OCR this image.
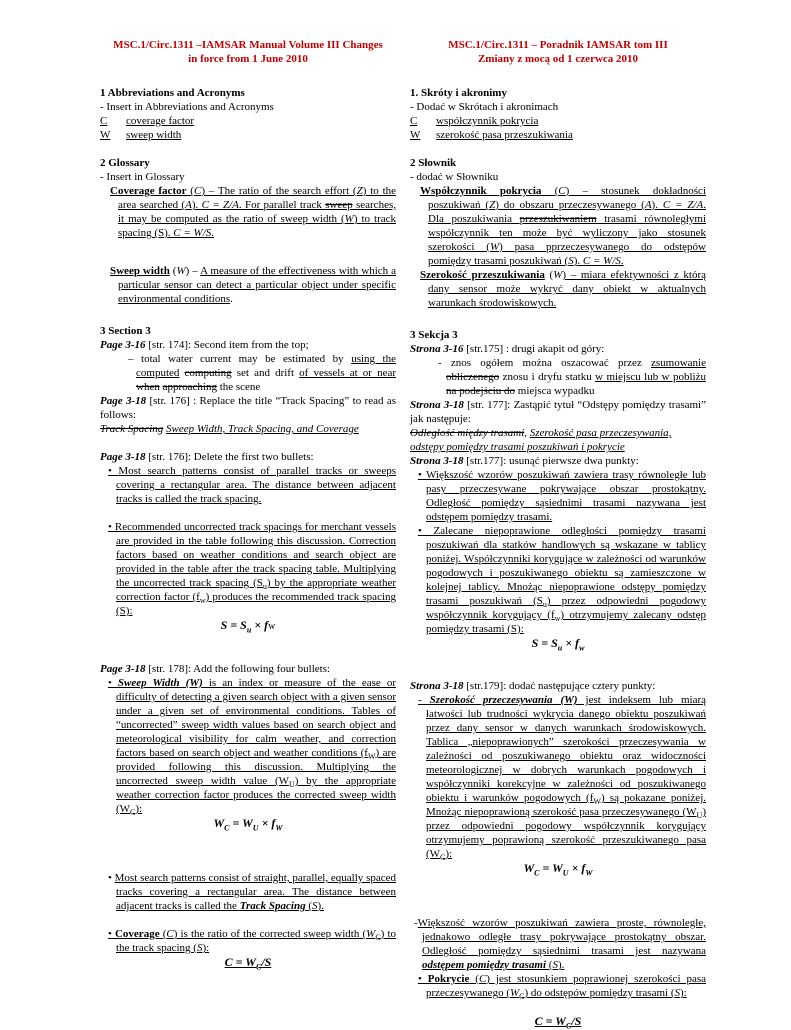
MSC.1/Circ.1311 –IAMSAR Manual Volume III Changes
in force from 1 June 2010
1 Abbreviations and Acronyms
- Insert in Abbreviations and Acronyms
C	coverage factor
W	sweep width
2 Glossary
- Insert in Glossary
Coverage factor (C) – The ratio of the search effort (Z) to the area searched (A). C = Z/A. For parallel track sweep searches, it may be computed as the ratio of sweep width (W) to track spacing (S). C = W/S.
Sweep width (W) – A measure of the effectiveness with which a particular sensor can detect a particular object under specific environmental conditions.
3 Section 3
Page 3-16 [str. 174]: Second item from the top;
– total water current may be estimated by using the computed computing set and drift of vessels at or near when approaching the scene
Page 3-18 [str. 176] : Replace the title “Track Spacing” to read as follows:
Track Spacing Sweep Width, Track Spacing, and Coverage
Page 3-18 [str. 176]: Delete the first two bullets:
• Most search patterns consist of parallel tracks or sweeps covering a rectangular area. The distance between adjacent tracks is called the track spacing.
• Recommended uncorrected track spacings for merchant vessels are provided in the table following this discussion. Correction factors based on weather conditions and search object are provided in the table after the track spacing table. Multiplying the uncorrected track spacing $(S_u)$ by the appropriate weather correction factor $(f_w)$ produces the recommended track spacing (S):
$S = S_u$ × fw
Page 3-18 [str. 178]: Add the following four bullets:
• Sweep Width (W) is an index or measure of the ease or difficulty of detecting a given search object with a given sensor under a given set of environmental conditions. Tables of “uncorrected” sweep width values based on search object and meteorological visibility for calm weather, and correction factors based on search object and weather conditions $(f_W)$ are provided following this discussion. Multiplying the uncorrected sweep width value $(W_U)$ by the appropriate weather correction factor produces the corrected sweep width $(W_C)$:
$W_C = W_U \times f_W$
• Most search patterns consist of straight, parallel, equally spaced tracks covering a rectangular area. The distance between adjacent tracks is called the Track Spacing (S).
• Coverage (C) is the ratio of the corrected sweep width $(W_C)$ to the track spacing (S):
$C = W_C/S$
MSC.1/Circ.1311 – Poradnik IAMSAR tom III
Zmiany z mocą od 1 czerwca 2010
1. Skróty i akronimy
- Dodać w Skrótach i akronimach
C	współczynnik pokrycia
W	szerokość pasa przeszukiwania
2 Słownik
- dodać w Słowniku
Współczynnik pokrycia (C) – stosunek dokładności poszukiwań (Z) do obszaru przeczesywanego (A). C = Z/A. Dla poszukiwania przeszukiwaniem trasami równoległymi współczynnik ten może być wyliczony jako stosunek szerokości (W) pasa pprzeczesywanego do odstępów pomiędzy trasami poszukiwań (S). C = W/S.
Szerokość przeszukiwania (W) – miara efektywności z którą dany sensor może wykryć dany obiekt w aktualnych warunkach środowiskowych.
3 Sekcja 3
Strona 3-16 [str.175] : drugi akapit od góry:
- znos ogółem można oszacować przez zsumowanie obliczenego znosu i dryfu statku w miejscu lub w pobliżu na podejściu do miejsca wypadku
Strona 3-18 [str. 177]: Zastąpić tytuł “Odstępy pomiędzy trasami” jak następuje:
Odległość między trasami, Szerokość pasa przeczesywania, odstępy pomiędzy trasami poszukiwań i pokrycie
Strona 3-18 [str.177]: usunąć pierwsze dwa punkty:
• Większość wzorów poszukiwań zawiera trasy równoległe lub pasy przeczesywane pokrywające obszar prostokątny. Odległość pomiędzy sąsiednimi trasami nazywana jest odstępem pomiędzy trasami.
• Zalecane niepoprawione odległości pomiędzy trasami poszukiwań dla statków handlowych są wskazane w tablicy poniżej. Współczynniki korygujące w zależności od warunków pogodowych i poszukiwanego obiektu są zamieszczone w kolejnej tablicy. Mnożąc niepoprawione odstępy pomiędzy trasami poszukiwań $(S_u)$ przez odpowiedni pogodowy współczynnik korygujący $(f_w)$ otrzymujemy zalecany odstęp pomiędzy trasami (S):
$S = S_u \times f_w$
Strona 3-18 [str.179]: dodać następujące cztery punkty:
- Szerokość przeczesywania (W) jest indeksem lub miarą łatwości lub trudności wykrycia danego obiektu poszukiwań przez dany sensor w danych warunkach środowiskowych. Tablica „niepoprawionych” szerokości przeczesywania w zależności od poszukiwanego obiektu oraz widoczności meteorologicznej w dobrych warunkach pogodowych i współczynniki korekcyjne w zależności od poszukiwanego obiektu i warunków pogodowych $(f_W)$ są pokazane poniżej. Mnożąc niepoprawioną szerokość pasa przeczesywanego $(W_U)$ przez odpowiedni pogodowy współczynnik korygujący otrzymujemy poprawioną szerokość przeszukiwanego pasa $(W_C)$:
$W_C = W_U \times f_W$
-Większość wzorów poszukiwań zawiera proste, równoległe, jednakowo odległe trasy pokrywające prostokątny obszar. Odległość pomiędzy sąsiednimi trasami jest nazywana odstępem pomiędzy trasami (S).
• Pokrycie (C) jest stosunkiem poprawionej szerokości pasa przeczesywanego $(W_C)$ do odstępów pomiędzy trasami (S):
$C = W_C/S$
